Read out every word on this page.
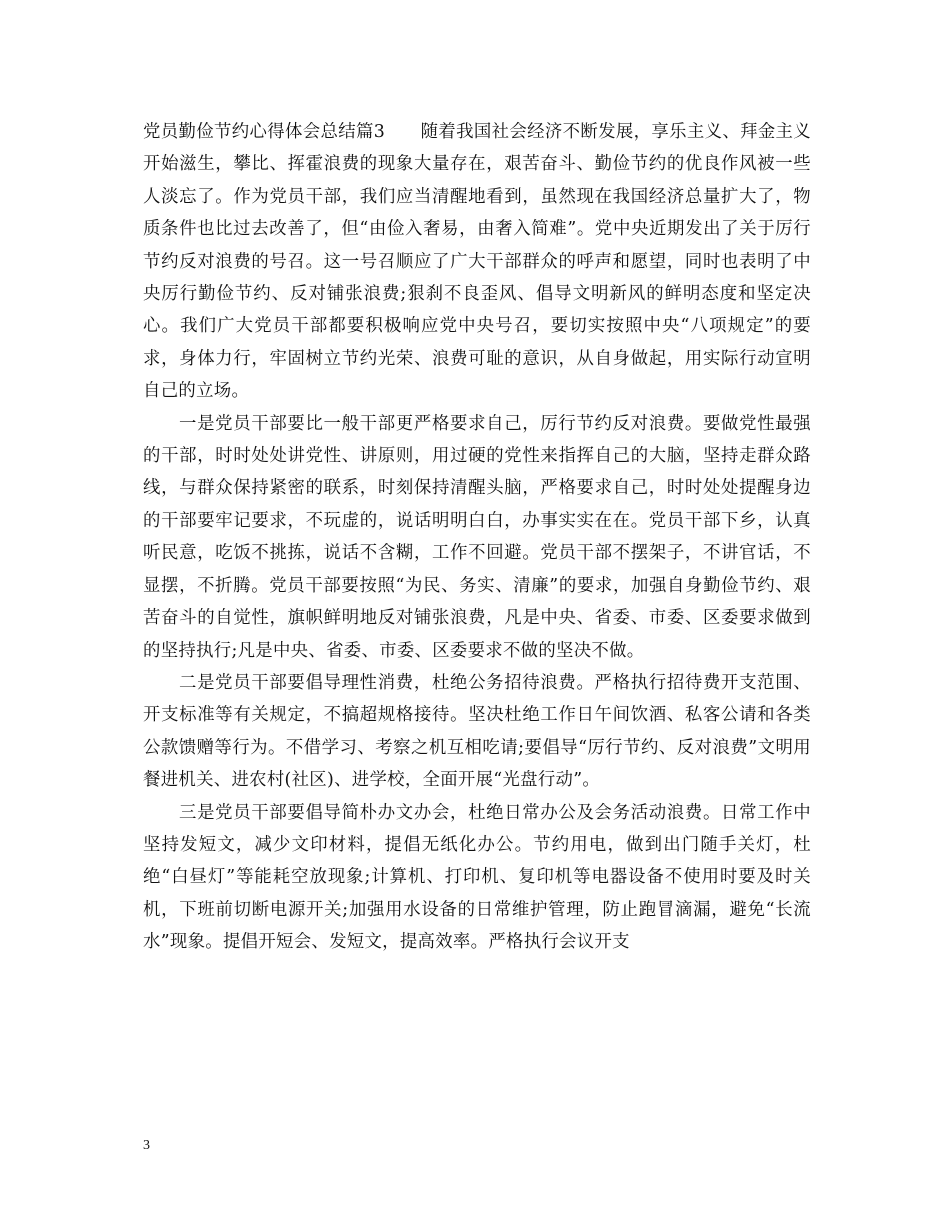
党员勤俭节约心得体会总结篇3　　随着我国社会经济不断发展，享乐主义、拜金主义开始滋生，攀比、挥霍浪费的现象大量存在，艰苦奋斗、勤俭节约的优良作风被一些人淡忘了。作为党员干部，我们应当清醒地看到，虽然现在我国经济总量扩大了，物质条件也比过去改善了，但“由俭入奢易，由奢入简难”。党中央近期发出了关于厉行节约反对浪费的号召。这一号召顺应了广大干部群众的呼声和愿望，同时也表明了中央厉行勤俭节约、反对铺张浪费;狠刹不良歪风、倡导文明新风的鲜明态度和坚定决心。我们广大党员干部都要积极响应党中央号召，要切实按照中央“八项规定”的要求，身体力行，牢固树立节约光荣、浪费可耻的意识，从自身做起，用实际行动宣明自己的立场。

一是党员干部要比一般干部更严格要求自己，厉行节约反对浪费。要做党性最强的干部，时时处处讲党性、讲原则，用过硬的党性来指挥自己的大脑，坚持走群众路线，与群众保持紧密的联系，时刻保持清醒头脑，严格要求自己，时时处处提醒身边的干部要牢记要求，不玩虚的，说话明明白白，办事实实在在。党员干部下乡，认真听民意，吃饭不挑拣，说话不含糊，工作不回避。党员干部不摆架子，不讲官话，不显摆，不折腾。党员干部要按照“为民、务实、清廉”的要求，加强自身勤俭节约、艰苦奋斗的自觉性，旗帜鲜明地反对铺张浪费，凡是中央、省委、市委、区委要求做到的坚持执行;凡是中央、省委、市委、区委要求不做的坚决不做。

二是党员干部要倡导理性消费，杜绝公务招待浪费。严格执行招待费开支范围、开支标准等有关规定，不搞超规格接待。坚决杜绝工作日午间饮酒、私客公请和各类公款馈赠等行为。不借学习、考察之机互相吃请;要倡导“厉行节约、反对浪费”文明用餐进机关、进农村(社区)、进学校，全面开展“光盘行动”。

三是党员干部要倡导简朴办文办会，杜绝日常办公及会务活动浪费。日常工作中坚持发短文，减少文印材料，提倡无纸化办公。节约用电，做到出门随手关灯，杜绝“白昼灯”等能耗空放现象;计算机、打印机、复印机等电器设备不使用时要及时关机，下班前切断电源开关;加强用水设备的日常维护管理，防止跑冒滴漏，避免“长流水”现象。提倡开短会、发短文，提高效率。严格执行会议开支

3
